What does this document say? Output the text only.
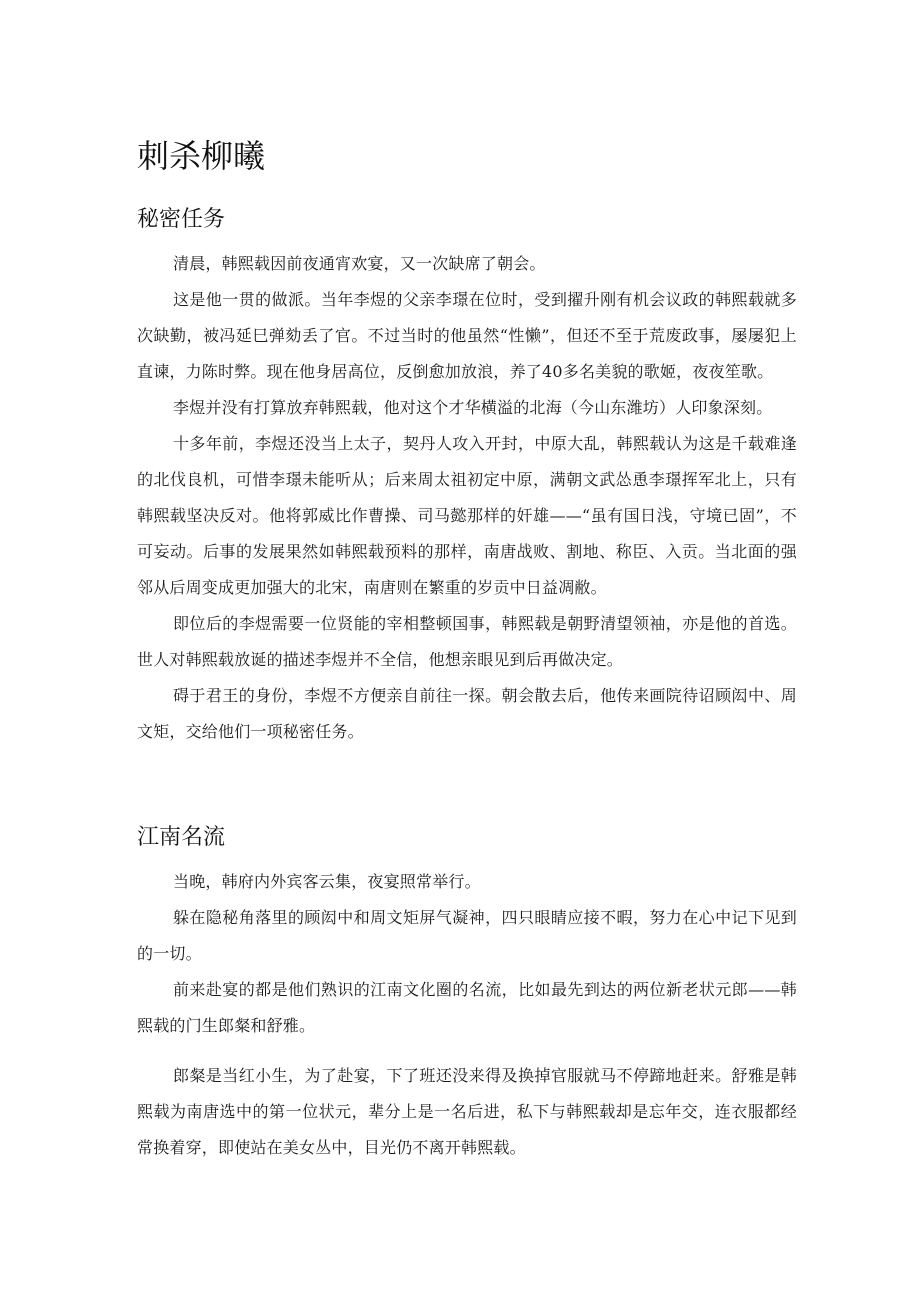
刺杀柳曦
秘密任务

清晨，韩熙载因前夜通宵欢宴，又一次缺席了朝会。

这是他一贯的做派。当年李煜的父亲李璟在位时，受到擢升刚有机会议政的韩熙载就多次缺勤，被冯延巳弹劾丢了官。不过当时的他虽然“性懒”，但还不至于荒废政事，屡屡犯上直谏，力陈时弊。现在他身居高位，反倒愈加放浪，养了40多名美貌的歌姬，夜夜笙歌。

李煜并没有打算放弃韩熙载，他对这个才华横溢的北海（今山东潍坊）人印象深刻。

十多年前，李煜还没当上太子，契丹人攻入开封，中原大乱，韩熙载认为这是千载难逢的北伐良机，可惜李璟未能听从；后来周太祖初定中原，满朝文武怂恿李璟挥军北上，只有韩熙载坚决反对。他将郭威比作曹操、司马懿那样的奸雄——“虽有国日浅，守境已固”，不可妄动。后事的发展果然如韩熙载预料的那样，南唐战败、割地、称臣、入贡。当北面的强邻从后周变成更加强大的北宋，南唐则在繁重的岁贡中日益凋敝。

即位后的李煜需要一位贤能的宰相整顿国事，韩熙载是朝野清望领袖，亦是他的首选。世人对韩熙载放诞的描述李煜并不全信，他想亲眼见到后再做决定。

碍于君王的身份，李煜不方便亲自前往一探。朝会散去后，他传来画院待诏顾闳中、周文矩，交给他们一项秘密任务。

江南名流

当晚，韩府内外宾客云集，夜宴照常举行。

躲在隐秘角落里的顾闳中和周文矩屏气凝神，四只眼睛应接不暇，努力在心中记下见到的一切。

前来赴宴的都是他们熟识的江南文化圈的名流，比如最先到达的两位新老状元郎——韩熙载的门生郎粲和舒雅。

郎粲是当红小生，为了赴宴，下了班还没来得及换掉官服就马不停蹄地赶来。舒雅是韩熙载为南唐选中的第一位状元，辈分上是一名后进，私下与韩熙载却是忘年交，连衣服都经常换着穿，即使站在美女丛中，目光仍不离开韩熙载。
